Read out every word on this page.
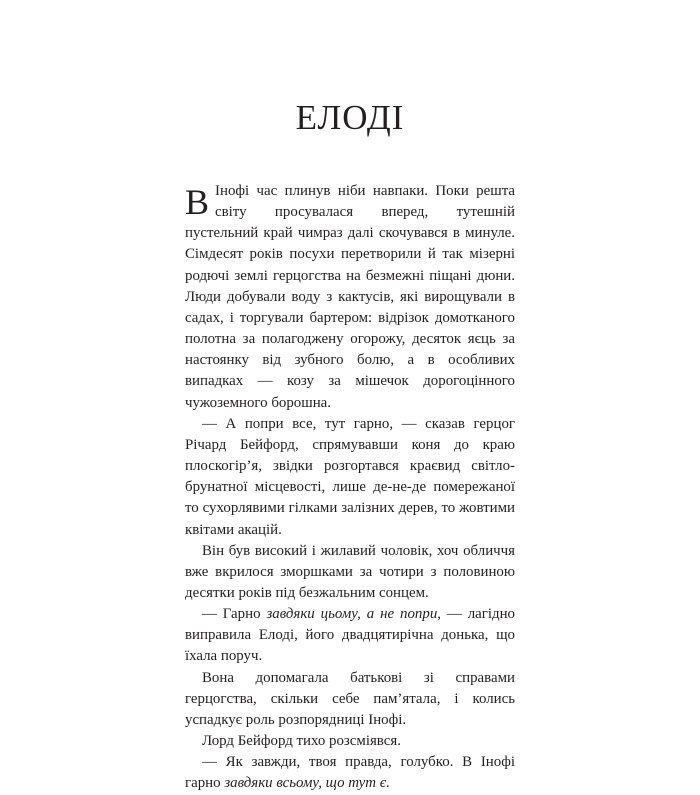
ЕЛОДІ

В Інофі час плинув ніби навпаки. Поки решта світу просувалася вперед, тутешній пустельний край чимраз далі скочувався в минуле. Сімдесят років посухи перетворили й так мізерні родючі землі герцогства на безмежні піщані дюни. Люди добували воду з кактусів, які вирощували в садах, і торгували бартером: відрізок домотканого полотна за полагоджену огорожу, десяток яєць за настоянку від зубного болю, а в особливих випадках — козу за мішечок дорогоцінного чужоземного борошна.

— А попри все, тут гарно, — сказав герцог Річард Бейфорд, спрямувавши коня до краю плоскогір’я, звідки розгортався краєвид світло-брунатної місцевості, лише де-не-де помережаної то сухорлявими гілками залізних дерев, то жовтими квітами акацій.

Він був високий і жилавий чоловік, хоч обличчя вже вкрилося зморшками за чотири з половиною десятки років під безжальним сонцем.

— Гарно завдяки цьому, а не попри, — лагідно виправила Елоді, його двадцятирічна донька, що їхала поруч.

Вона допомагала батькові зі справами герцогства, скільки себе пам’ятала, і колись успадкує роль розпорядниці Інофі.

Лорд Бейфорд тихо розсміявся.

— Як завжди, твоя правда, голубко. В Інофі гарно завдяки всьому, що тут є.
